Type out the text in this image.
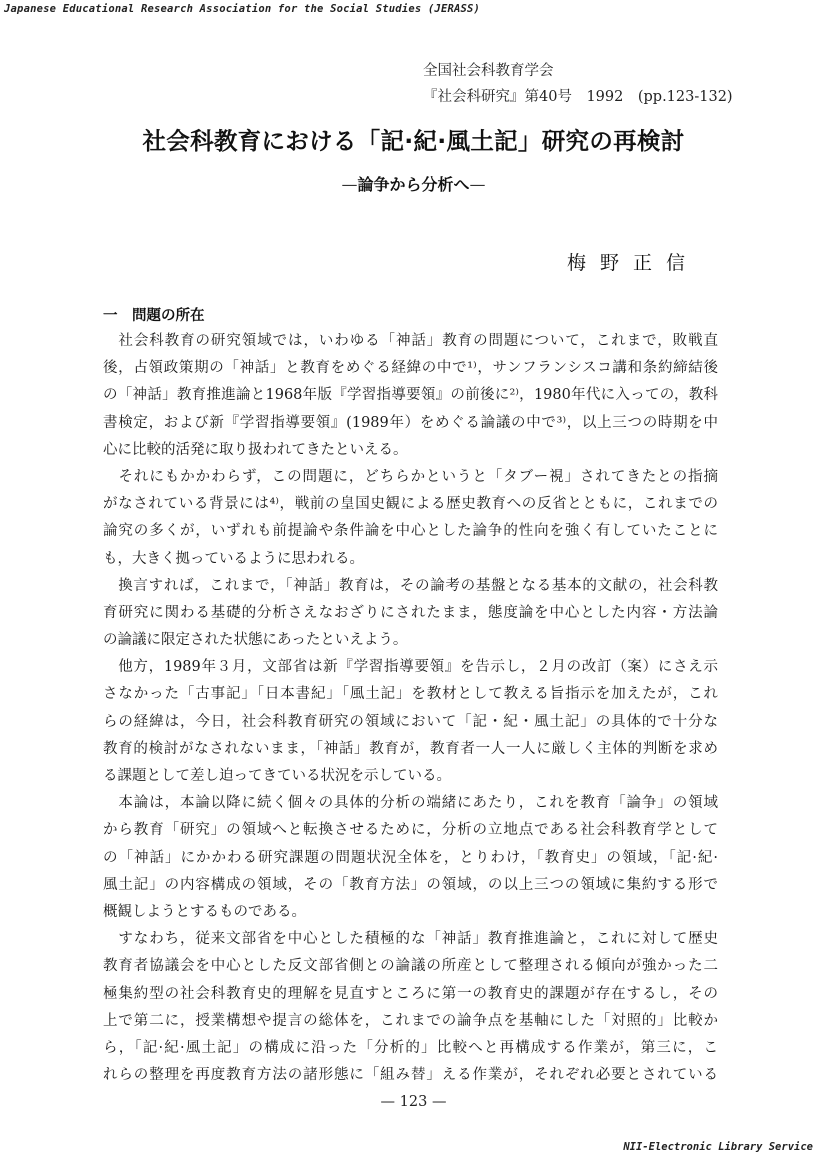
Japanese Educational Research Association for the Social Studies (JERASS)
全国社会科教育学会
『社会科研究』第40号　1992　(pp.123-132)
社会科教育における「記·紀·風土記」研究の再検討
—論争から分析へ—
梅野正信
一　問題の所在
　社会科教育の研究領域では，いわゆる「神話」教育の問題について，これまで，敗戦直
後，占領政策期の「神話」と教育をめぐる経緯の中で¹⁾，サンフランシスコ講和条約締結後
の「神話」教育推進論と1968年版『学習指導要領』の前後に²⁾，1980年代に入っての，教科
書検定，および新『学習指導要領』(1989年）をめぐる論議の中で³⁾，以上三つの時期を中
心に比較的活発に取り扱われてきたといえる。
　それにもかかわらず，この問題に，どちらかというと「タブー視」されてきたとの指摘
がなされている背景には⁴⁾，戦前の皇国史観による歴史教育への反省とともに，これまでの
論究の多くが，いずれも前提論や条件論を中心とした論争的性向を強く有していたことに
も，大きく拠っているように思われる。
　換言すれば，これまで，「神話」教育は，その論考の基盤となる基本的文献の，社会科教
育研究に関わる基礎的分析さえなおざりにされたまま，態度論を中心とした内容・方法論
の論議に限定された状態にあったといえよう。
　他方，1989年３月，文部省は新『学習指導要領』を告示し，２月の改訂（案）にさえ示
さなかった「古事記」「日本書紀」「風土記」を教材として教える旨指示を加えたが，これ
らの経緯は，今日，社会科教育研究の領域において「記・紀・風土記」の具体的で十分な
教育的検討がなされないまま，「神話」教育が，教育者一人一人に厳しく主体的判断を求め
る課題として差し迫ってきている状況を示している。
　本論は，本論以降に続く個々の具体的分析の端緒にあたり，これを教育「論争」の領域
から教育「研究」の領域へと転換させるために，分析の立地点である社会科教育学として
の「神話」にかかわる研究課題の問題状況全体を，とりわけ，「教育史」の領域，「記·紀·
風土記」の内容構成の領域，その「教育方法」の領域，の以上三つの領域に集約する形で
概観しようとするものである。
　すなわち，従来文部省を中心とした積極的な「神話」教育推進論と，これに対して歴史
教育者協議会を中心とした反文部省側との論議の所産として整理される傾向が強かった二
極集約型の社会科教育史的理解を見直すところに第一の教育史的課題が存在するし，その
上で第二に，授業構想や提言の総体を，これまでの論争点を基軸にした「対照的」比較か
ら，「記·紀·風土記」の構成に沿った「分析的」比較へと再構成する作業が，第三に，こ
れらの整理を再度教育方法の諸形態に「組み替」える作業が，それぞれ必要とされている
— 123 —
NII-Electronic Library Service
